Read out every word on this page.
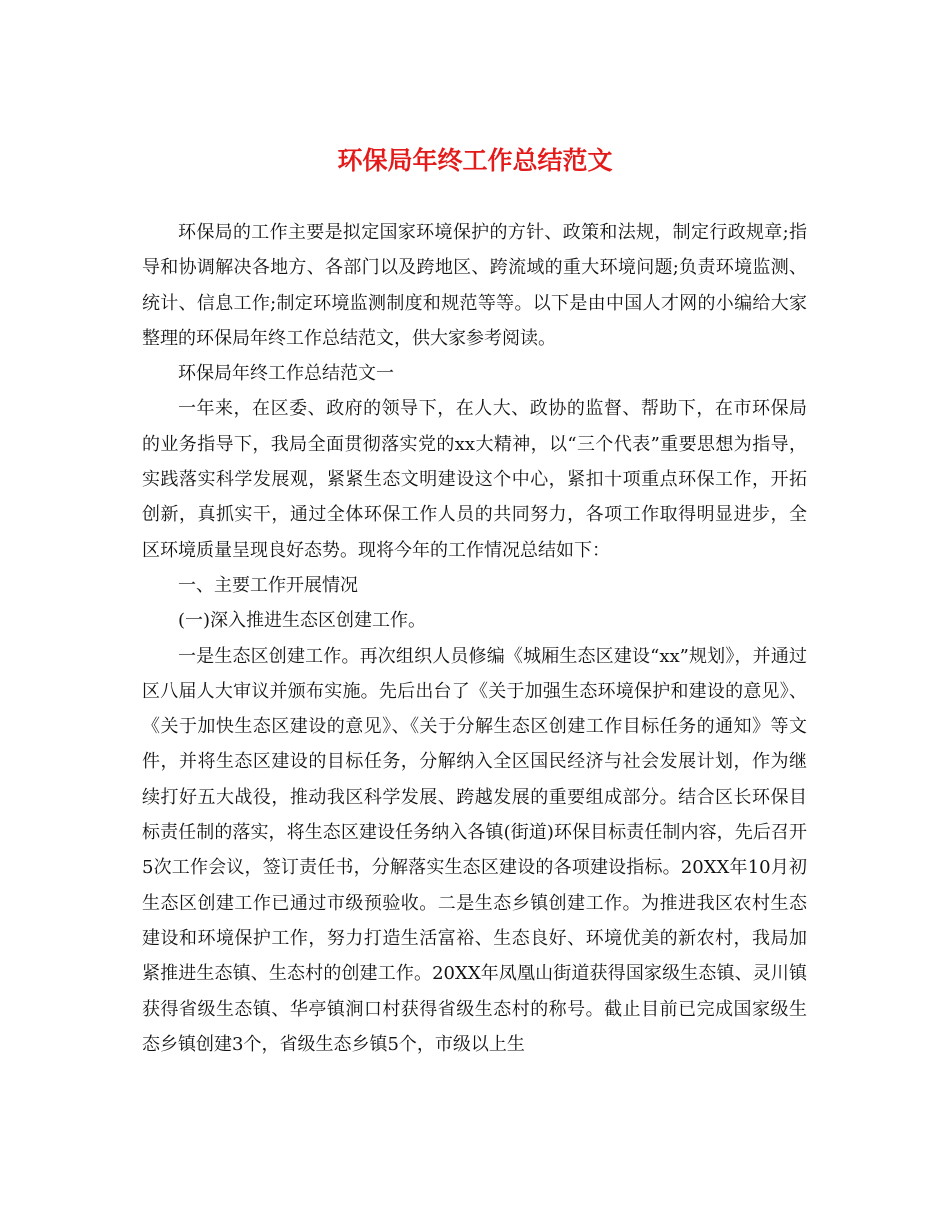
环保局年终工作总结范文

环保局的工作主要是拟定国家环境保护的方针、政策和法规，制定行政规章;指导和协调解决各地方、各部门以及跨地区、跨流域的重大环境问题;负责环境监测、统计、信息工作;制定环境监测制度和规范等等。以下是由中国人才网的小编给大家整理的环保局年终工作总结范文，供大家参考阅读。

环保局年终工作总结范文一

一年来，在区委、政府的领导下，在人大、政协的监督、帮助下，在市环保局的业务指导下，我局全面贯彻落实党的xx大精神，以“三个代表”重要思想为指导，实践落实科学发展观，紧紧生态文明建设这个中心，紧扣十项重点环保工作，开拓创新，真抓实干，通过全体环保工作人员的共同努力，各项工作取得明显进步，全区环境质量呈现良好态势。现将今年的工作情况总结如下：

一、主要工作开展情况

(一)深入推进生态区创建工作。

一是生态区创建工作。再次组织人员修编《城厢生态区建设“xx”规划》，并通过区八届人大审议并颁布实施。先后出台了《关于加强生态环境保护和建设的意见》、《关于加快生态区建设的意见》、《关于分解生态区创建工作目标任务的通知》等文件，并将生态区建设的目标任务，分解纳入全区国民经济与社会发展计划，作为继续打好五大战役，推动我区科学发展、跨越发展的重要组成部分。结合区长环保目标责任制的落实，将生态区建设任务纳入各镇(街道)环保目标责任制内容，先后召开5次工作会议，签订责任书，分解落实生态区建设的各项建设指标。20XX年10月初生态区创建工作已通过市级预验收。二是生态乡镇创建工作。为推进我区农村生态建设和环境保护工作，努力打造生活富裕、生态良好、环境优美的新农村，我局加紧推进生态镇、生态村的创建工作。20XX年凤凰山街道获得国家级生态镇、灵川镇获得省级生态镇、华亭镇涧口村获得省级生态村的称号。截止目前已完成国家级生态乡镇创建3个，省级生态乡镇5个，市级以上生
